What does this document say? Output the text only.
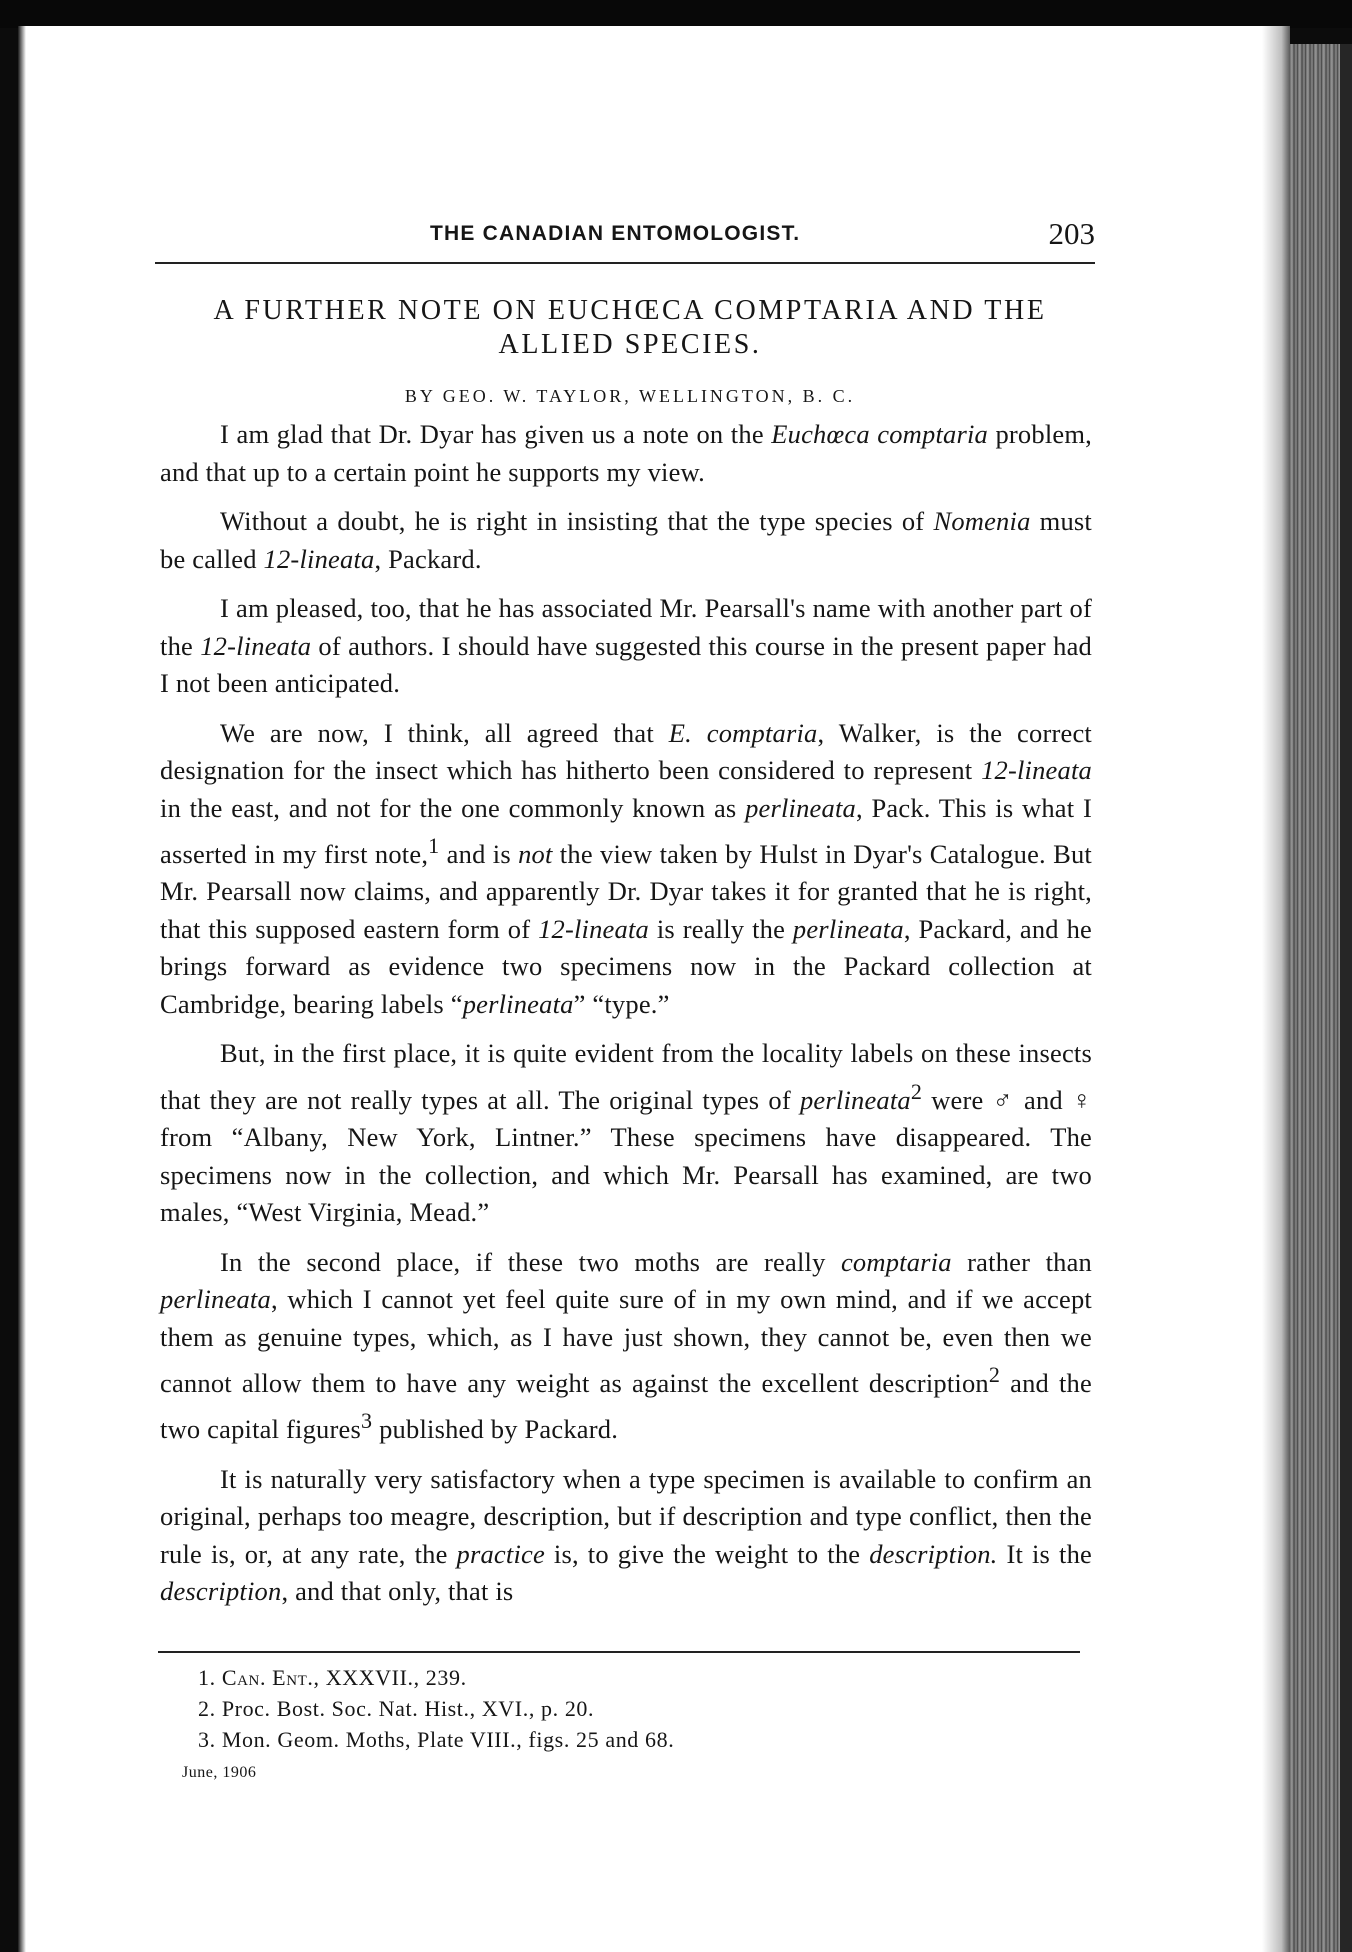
THE CANADIAN ENTOMOLOGIST.	203
A FURTHER NOTE ON EUCHŒCA COMPTARIA AND THE
ALLIED SPECIES.
BY GEO. W. TAYLOR, WELLINGTON, B. C.

I am glad that Dr. Dyar has given us a note on the Euchœca comptaria problem, and that up to a certain point he supports my view.

Without a doubt, he is right in insisting that the type species of Nomenia must be called 12-lineata, Packard.

I am pleased, too, that he has associated Mr. Pearsall's name with another part of the 12-lineata of authors. I should have suggested this course in the present paper had I not been anticipated.

We are now, I think, all agreed that E. comptaria, Walker, is the correct designation for the insect which has hitherto been considered to represent 12-lineata in the east, and not for the one commonly known as perlineata, Pack. This is what I asserted in my first note,$^1$ and is not the view taken by Hulst in Dyar's Catalogue. But Mr. Pearsall now claims, and apparently Dr. Dyar takes it for granted that he is right, that this supposed eastern form of 12-lineata is really the perlineata, Packard, and he brings forward as evidence two specimens now in the Packard collection at Cambridge, bearing labels “perlineata” “type.”

But, in the first place, it is quite evident from the locality labels on these insects that they are not really types at all. The original types of perlineata$^2$ were ♂ and ♀ from “Albany, New York, Lintner.” These specimens have disappeared. The specimens now in the collection, and which Mr. Pearsall has examined, are two males, “West Virginia, Mead.”

In the second place, if these two moths are really comptaria rather than perlineata, which I cannot yet feel quite sure of in my own mind, and if we accept them as genuine types, which, as I have just shown, they cannot be, even then we cannot allow them to have any weight as against the excellent description$^2$ and the two capital figures$^3$ published by Packard.

It is naturally very satisfactory when a type specimen is available to confirm an original, perhaps too meagre, description, but if description and type conflict, then the rule is, or, at any rate, the practice is, to give the weight to the description. It is the description, and that only, that is

1. Can. Ent., XXXVII., 239.
2. Proc. Bost. Soc. Nat. Hist., XVI., p. 20.
3. Mon. Geom. Moths, Plate VIII., figs. 25 and 68.
June, 1906
